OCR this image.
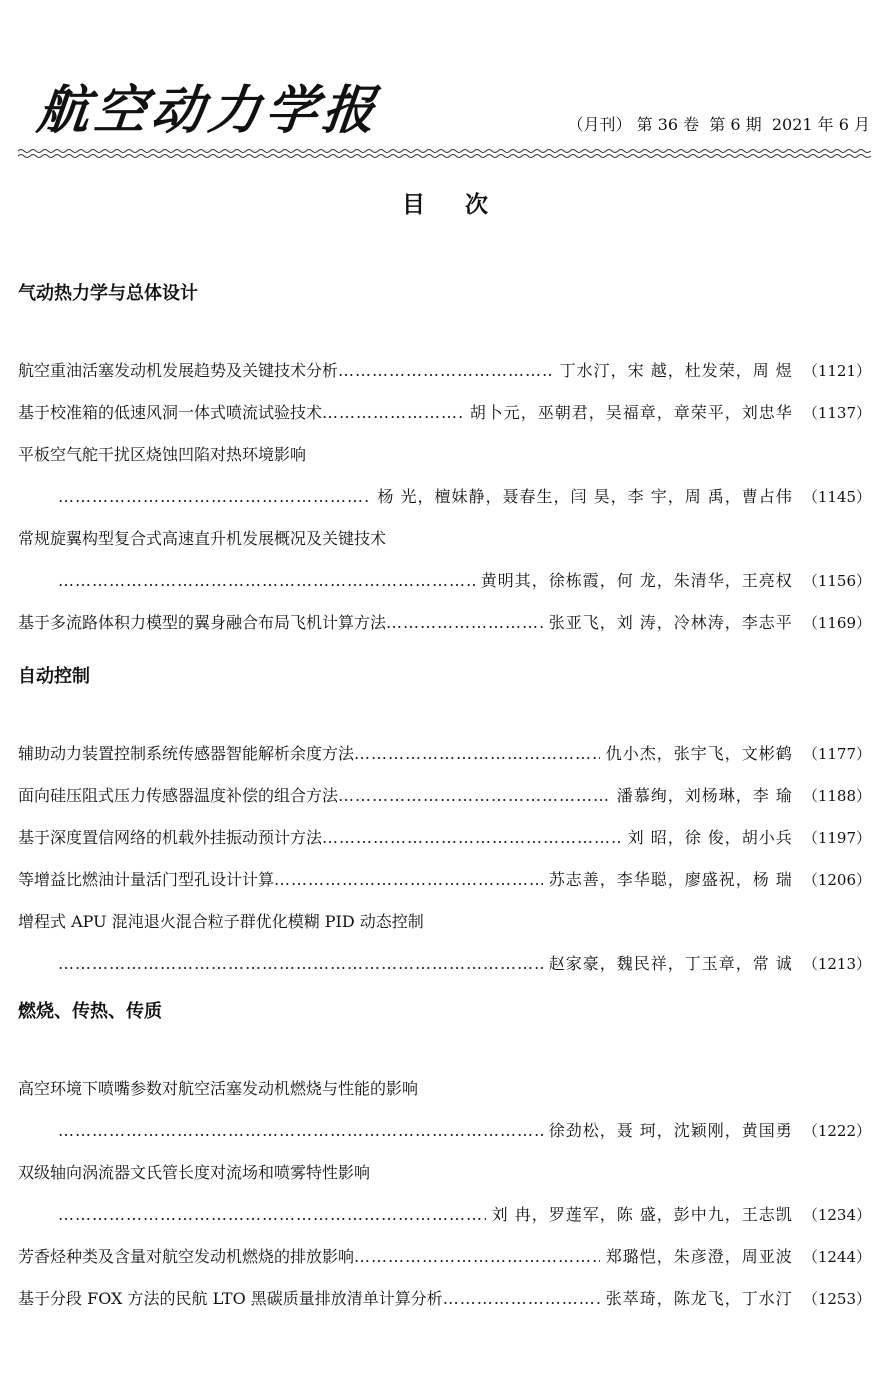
航空动力学报	（月刊） 第 36 卷  第 6 期  2021 年 6 月
目次
气动热力学与总体设计
航空重油活塞发动机发展趋势及关键技术分析 ………………………………………………………………………………………………………………………………	丁水汀，宋 越，杜发荣，周 煜 （1121）
基于校准箱的低速风洞一体式喷流试验技术 ………………………………………………………………………………………………………………………………	胡卜元，巫朝君，吴福章，章荣平，刘忠华 （1137）
平板空气舵干扰区烧蚀凹陷对热环境影响
………………………………………………………………………………………………………………………………
杨 光，檀妹静，聂春生，闫 昊，李 宇，周 禹，曹占伟 （1145）
常规旋翼构型复合式高速直升机发展概况及关键技术
………………………………………………………………………………………………………………………………
黄明其，徐栋霞，何 龙，朱清华，王亮权 （1156）
基于多流路体积力模型的翼身融合布局飞机计算方法 ………………………………………………………………………………………………………………………………	张亚飞，刘 涛，冷林涛，李志平 （1169）
自动控制
辅助动力装置控制系统传感器智能解析余度方法 ………………………………………………………………………………………………………………………………	仇小杰，张宇飞，文彬鹤 （1177）
面向硅压阻式压力传感器温度补偿的组合方法 ………………………………………………………………………………………………………………………………	潘慕绚，刘杨琳，李 瑜 （1188）
基于深度置信网络的机载外挂振动预计方法 ………………………………………………………………………………………………………………………………	刘 昭，徐 俊，胡小兵 （1197）
等增益比燃油计量活门型孔设计计算 ………………………………………………………………………………………………………………………………	苏志善，李华聪，廖盛祝，杨 瑞 （1206）
增程式 APU 混沌退火混合粒子群优化模糊 PID 动态控制
………………………………………………………………………………………………………………………………
赵家豪，魏民祥，丁玉章，常 诚 （1213）
燃烧、传热、传质
高空环境下喷嘴参数对航空活塞发动机燃烧与性能的影响
………………………………………………………………………………………………………………………………
徐劲松，聂 珂，沈颖刚，黄国勇 （1222）
双级轴向涡流器文氏管长度对流场和喷雾特性影响
………………………………………………………………………………………………………………………………
刘 冉，罗莲军，陈 盛，彭中九，王志凯 （1234）
芳香烃种类及含量对航空发动机燃烧的排放影响 ………………………………………………………………………………………………………………………………	郑璐恺，朱彦澄，周亚波 （1244）
基于分段 FOX 方法的民航 LTO 黑碳质量排放清单计算分析 ………………………………………………………………………………………………………………………………	张萃琦，陈龙飞，丁水汀 （1253）
